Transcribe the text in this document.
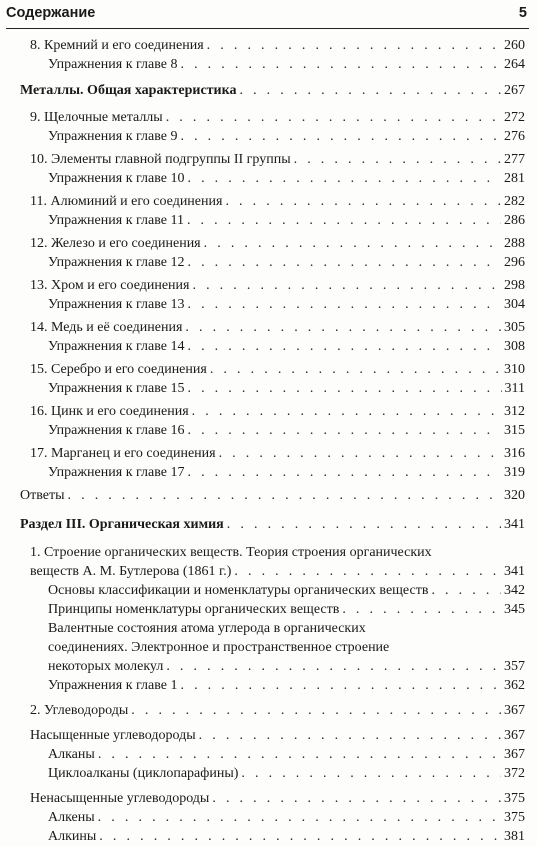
Содержание	5
8. Кремний и его соединения . . .	260
Упражнения к главе 8 . . .	264
Металлы. Общая характеристика . . .	267
9. Щелочные металлы . . .	272
Упражнения к главе 9 . . .	276
10. Элементы главной подгруппы II группы . . .	277
Упражнения к главе 10 . . .	281
11. Алюминий и его соединения . . .	282
Упражнения к главе 11 . . .	286
12. Железо и его соединения . . .	288
Упражнения к главе 12 . . .	296
13. Хром и его соединения . . .	298
Упражнения к главе 13 . . .	304
14. Медь и её соединения . . .	305
Упражнения к главе 14 . . .	308
15. Серебро и его соединения . . .	310
Упражнения к главе 15 . . .	311
16. Цинк и его соединения . . .	312
Упражнения к главе 16 . . .	315
17. Марганец и его соединения . . .	316
Упражнения к главе 17 . . .	319
Ответы . . .	320
Раздел III. Органическая химия . . .	341
1. Строение органических веществ. Теория строения органических
веществ А. М. Бутлерова (1861 г.) . . .	341
Основы классификации и номенклатуры органических веществ . . .	342
Принципы номенклатуры органических веществ . . .	345
Валентные состояния атома углерода в органических
соединениях. Электронное и пространственное строение
некоторых молекул . . .	357
Упражнения к главе 1 . . .	362
2. Углеводороды . . .	367
Насыщенные углеводороды . . .	367
Алканы . . .	367
Циклоалканы (циклопарафины) . . .	372
Ненасыщенные углеводороды . . .	375
Алкены . . .	375
Алкины . . .	381
